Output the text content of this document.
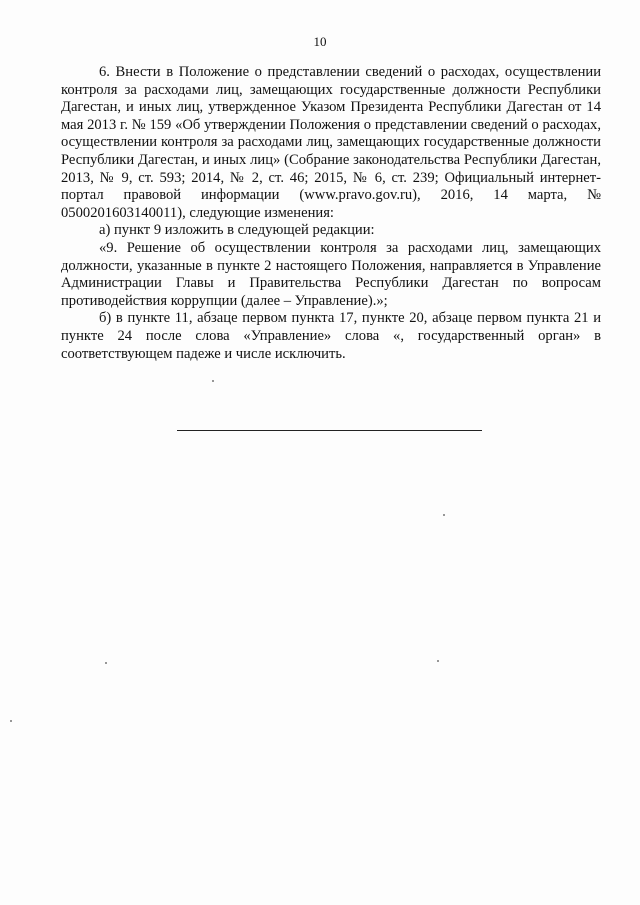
10

6. Внести в Положение о представлении сведений о расходах, осуществлении контроля за расходами лиц, замещающих государственные должности Республики Дагестан, и иных лиц, утвержденное Указом Президента Республики Дагестан от 14 мая 2013 г. № 159 «Об утверждении Положения о представлении сведений о расходах, осуществлении контроля за расходами лиц, замещающих государственные должности Республики Дагестан, и иных лиц» (Собрание законодательства Республики Дагестан, 2013, № 9, ст. 593; 2014, № 2, ст. 46; 2015, № 6, ст. 239; Официальный интернет-портал правовой информации (www.pravo.gov.ru), 2016, 14 марта, № 0500201603140011), следующие изменения:

а) пункт 9 изложить в следующей редакции:

«9. Решение об осуществлении контроля за расходами лиц, замещающих должности, указанные в пункте 2 настоящего Положения, направляется в Управление Администрации Главы и Правительства Республики Дагестан по вопросам противодействия коррупции (далее – Управление).»;

б) в пункте 11, абзаце первом пункта 17, пункте 20, абзаце первом пункта 21 и пункте 24 после слова «Управление» слова «, государственный орган» в соответствующем падеже и числе исключить.
